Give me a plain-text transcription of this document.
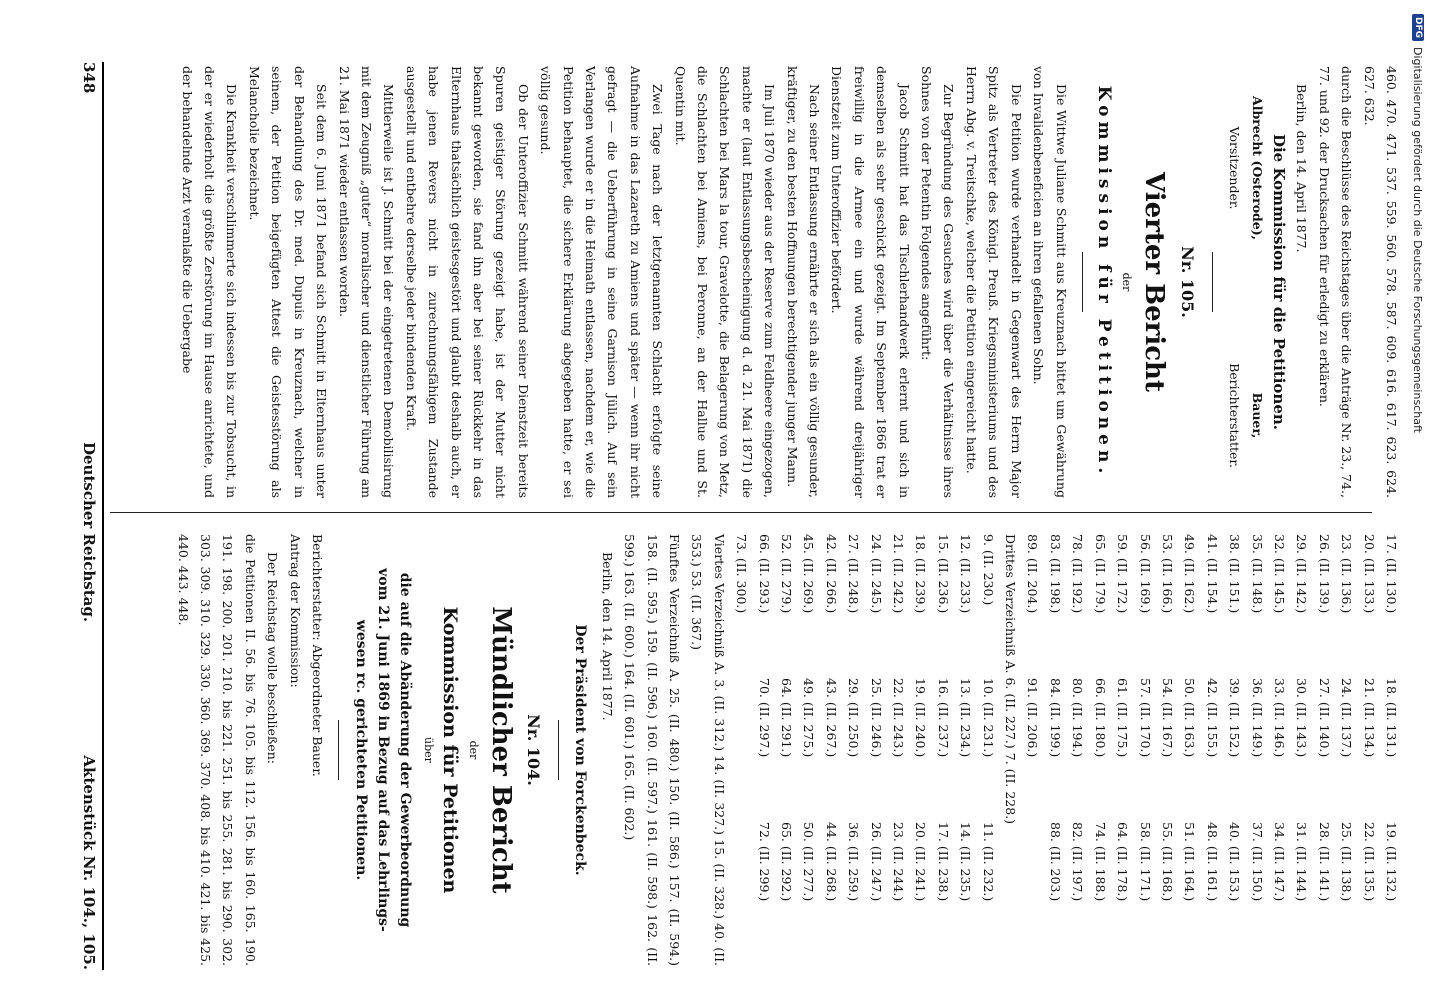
DFG
Digitalisierung gefördert durch die Deutsche Forschungsgemeinschaft

460. 470. 471. 537. 559. 560. 578. 587. 609. 616. 617. 623. 624. 627. 632.

durch die Beschlüsse des Reichstages über die Anträge Nr. 23., 74., 77. und 92. der Drucksachen für erledigt zu erklären.

Berlin, den 14. April 1877.

Die Kommission für die Petitionen.

Albrecht (Osterode),
Vorsitzender.
Bauer,
Berichterstatter.
Nr. 105.
Vierter Bericht
der
Kommission für Petitionen.

Die Wittwe Juliane Schmitt aus Kreuznach bittet um Gewährung von Invalidenbeneficien an ihren gefallenen Sohn.

Die Petition wurde verhandelt in Gegenwart des Herrn Major Spitz als Vertreter des Königl. Preuß. Kriegsministeriums und des Herrn Abg. v. Treitschke, welcher die Petition eingereicht hatte.

Zur Begründung des Gesuches wird über die Verhältnisse ihres Sohnes von der Petentin Folgendes angeführt:

Jacob Schmitt hat das Tischlerhandwerk erlernt und sich in demselben als sehr geschickt gezeigt. Im September 1866 trat er freiwillig in die Armee ein und wurde während dreijähriger Dienstzeit zum Unteroffizier befördert.

Nach seiner Entlassung ernährte er sich als ein völlig gesunder, kräftiger, zu den besten Hoffnungen berechtigender junger Mann.

Im Juli 1870 wieder aus der Reserve zum Feldheere eingezogen, machte er (laut Entlassungsbescheinigung d. d. 21. Mai 1871) die Schlachten bei Mars la tour, Gravelotte, die Belagerung von Metz, die Schlachten bei Amiens, bei Peronne, an der Hallue und St. Quentin mit.

Zwei Tage nach der letztgenannten Schlacht erfolgte seine Aufnahme in das Lazareth zu Amiens und später — wenn ihr nicht gefragt — die Ueberführung in seine Garnison Jülich. Auf sein Verlangen wurde er in die Heimath entlassen, nachdem er, wie die Petition behauptet, die sichere Erklärung abgegeben hatte, er sei völlig gesund.

Ob der Unteroffizier Schmitt während seiner Dienstzeit bereits Spuren geistiger Störung gezeigt habe, ist der Mutter nicht bekannt geworden, sie fand ihn aber bei seiner Rückkehr in das Elternhaus thatsächlich geistesgestört und glaubt deshalb auch, er habe jenen Revers nicht in zurechnungsfähigem Zustande ausgestellt und entbehre derselbe jeder bindenden Kraft.

Mittlerweile ist J. Schmitt bei der eingetretenen Demobilisirung mit dem Zeugniß „guter“ moralischer und dienstlicher Führung am 21. Mai 1871 wieder entlassen worden.

Seit dem 6. Juni 1871 befand sich Schmitt in Elternhaus unter der Behandlung des Dr. med. Dupuis in Kreuznach, welcher in seinem, der Petition beigefügten Attest die Geistesstörung als Melancholie bezeichnet.

Die Krankheit verschlimmerte sich indessen bis zur Tobsucht, in der er wiederholt die größte Zerstörung im Hause anrichtete, und der behandelnde Arzt veranlaßte die Uebergabe

17. (II. 130.)
18. (II. 131.)
19. (II. 132.)
20. (II. 133.)
21. (II. 134.)
22. (II. 135.)
23. (II. 136.)
24. (II. 137.)
25. (II. 138.)
26. (II. 139.)
27. (II. 140.)
28. (II. 141.)
29. (II. 142.)
30. (II. 143.)
31. (II. 144.)
32. (II. 145.)
33. (II. 146.)
34. (II. 147.)
35. (II. 148.)
36. (II. 149.)
37. (II. 150.)
38. (II. 151.)
39. (II. 152.)
40. (II. 153.)
41. (II. 154.)
42. (II. 155.)
48. (II. 161.)
49. (II. 162.)
50. (II. 163.)
51. (II. 164.)
53. (II. 166.)
54. (II. 167.)
55. (II. 168.)
56. (II. 169.)
57. (II. 170.)
58. (II. 171.)
59. (II. 172.)
61. (II. 175.)
64. (II. 178.)
65. (II. 179.)
66. (II. 180.)
74. (II. 188.)
78. (II. 192.)
80. (II. 194.)
82. (II. 197.)
83. (II. 198.)
84. (II. 199.)
88. (II. 203.)
89. (II. 204.)
91. (II. 206.)

Drittes Verzeichniß A. 6. (II. 227.) 7. (II. 228.)

9. (II. 230.)
10. (II. 231.)
11. (II. 232.)
12. (II. 233.)
13. (II. 234.)
14. (II. 235.)
15. (II. 236.)
16. (II. 237.)
17. (II. 238.)
18. (II. 239.)
19. (II. 240.)
20. (II. 241.)
21. (II. 242.)
22. (II. 243.)
23. (II. 244.)
24. (II. 245.)
25. (II. 246.)
26. (II. 247.)
27. (II. 248.)
29. (II. 250.)
36. (II. 259.)
42. (II. 266.)
43. (II. 267.)
44. (II. 268.)
45. (II. 269.)
49. (II. 275.)
50. (II. 277.)
52. (II. 279.)
64. (II. 291.)
65. (II. 292.)
66. (II. 293.)
70. (II. 297.)
72. (II. 299.)
73. (II. 300.)

Viertes Verzeichniß A. 3. (II. 312.) 14. (II. 327.) 15. (II. 328.) 40. (II. 353.) 53. (II. 367.)

Fünftes Verzeichniß A. 25. (II. 480.) 150. (II. 586.) 157. (II. 594.) 158. (II. 595.) 159. (II. 596.) 160. (II. 597.) 161. (II. 598.) 162. (II. 599.) 163. (II. 600.) 164. (II. 601.) 165. (II. 602.)

Berlin, den 14. April 1877.

Der Präsident von Forckenbeck.

Nr. 104.
Mündlicher Bericht
der
Kommission für Petitionen
über
die auf die Abänderung der Gewerbeordnung
vom 21. Juni 1869 in Bezug auf das Lehrlings-
wesen rc. gerichteten Petitionen.

Berichterstatter: Abgeordneter Bauer.

Antrag der Kommission:

Der Reichstag wolle beschließen:

die Petitionen II. 56. bis 76. 105. bis 112. 156. bis 160. 165. 190. 191. 198. 200. 201. 210. bis 221. 251. bis 255. 281. bis 290. 302. 303. 309. 310. 329. 330. 360. 369. 370. 408. bis 410. 421. bis 425. 440. 443. 448.

348
Deutscher Reichstag.
Aktenstück Nr. 104., 105.
